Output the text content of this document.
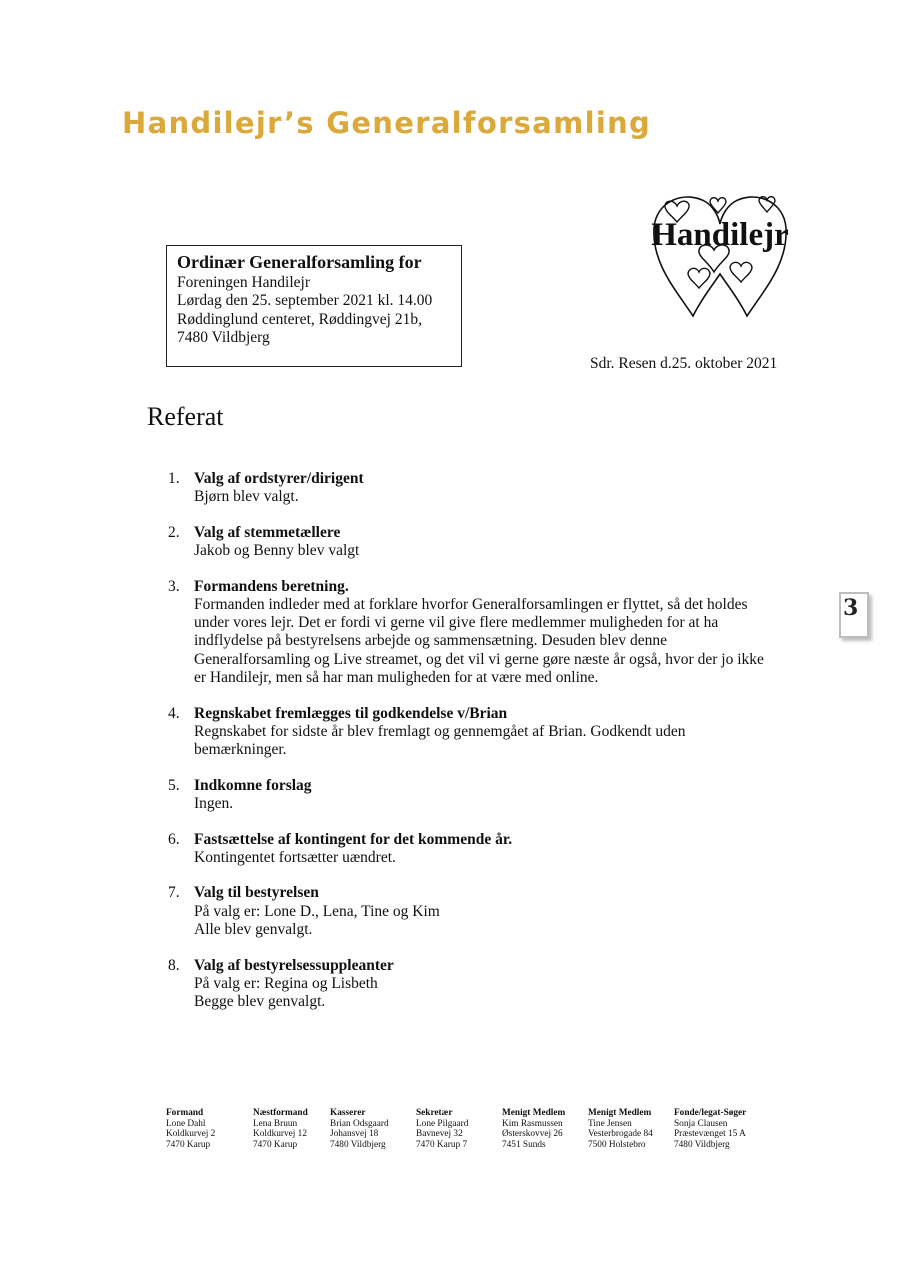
Handilejr’s Generalforsamling
Handilejr
Ordinær Generalforsamling for
Foreningen Handilejr
Lørdag den 25. september 2021 kl. 14.00
Røddinglund centeret, Røddingvej 21b,
7480 Vildbjerg
Sdr. Resen d.25. oktober 2021
Referat
1. Valg af ordstyrer/dirigent
Bjørn blev valgt.
2. Valg af stemmetællere
Jakob og Benny blev valgt
3. Formandens beretning.
Formanden indleder med at forklare hvorfor Generalforsamlingen er flyttet, så det holdes
under vores lejr. Det er fordi vi gerne vil give flere medlemmer muligheden for at ha
indflydelse på bestyrelsens arbejde og sammensætning. Desuden blev denne
Generalforsamling og Live streamet, og det vil vi gerne gøre næste år også, hvor der jo ikke
er Handilejr, men så har man muligheden for at være med online.
4. Regnskabet fremlægges til godkendelse v/Brian
Regnskabet for sidste år blev fremlagt og gennemgået af Brian. Godkendt uden
bemærkninger.
5. Indkomne forslag
Ingen.
6. Fastsættelse af kontingent for det kommende år.
Kontingentet fortsætter uændret.
7. Valg til bestyrelsen
På valg er: Lone D., Lena, Tine og Kim
Alle blev genvalgt.
8. Valg af bestyrelsessuppleanter
På valg er: Regina og Lisbeth
Begge blev genvalgt.
3
Formand
Lone Dahl
Koldkurvej 2
7470 Karup
Næstformand
Lena Bruun
Koldkurvej 12
7470 Karup
Kasserer
Brian Odsgaard
Johansvej 18
7480 Vildbjerg
Sekretær
Lone Pilgaard
Bavnevej 32
7470 Karup 7
Menigt Medlem
Kim Rasmussen
Østerskovvej 26
7451 Sunds
Menigt Medlem
Tine Jensen
Vesterbrogade 84
7500 Holstebro
Fonde/legat-Søger
Sonja Clausen
Præstevænget 15 A
7480 Vildbjerg
